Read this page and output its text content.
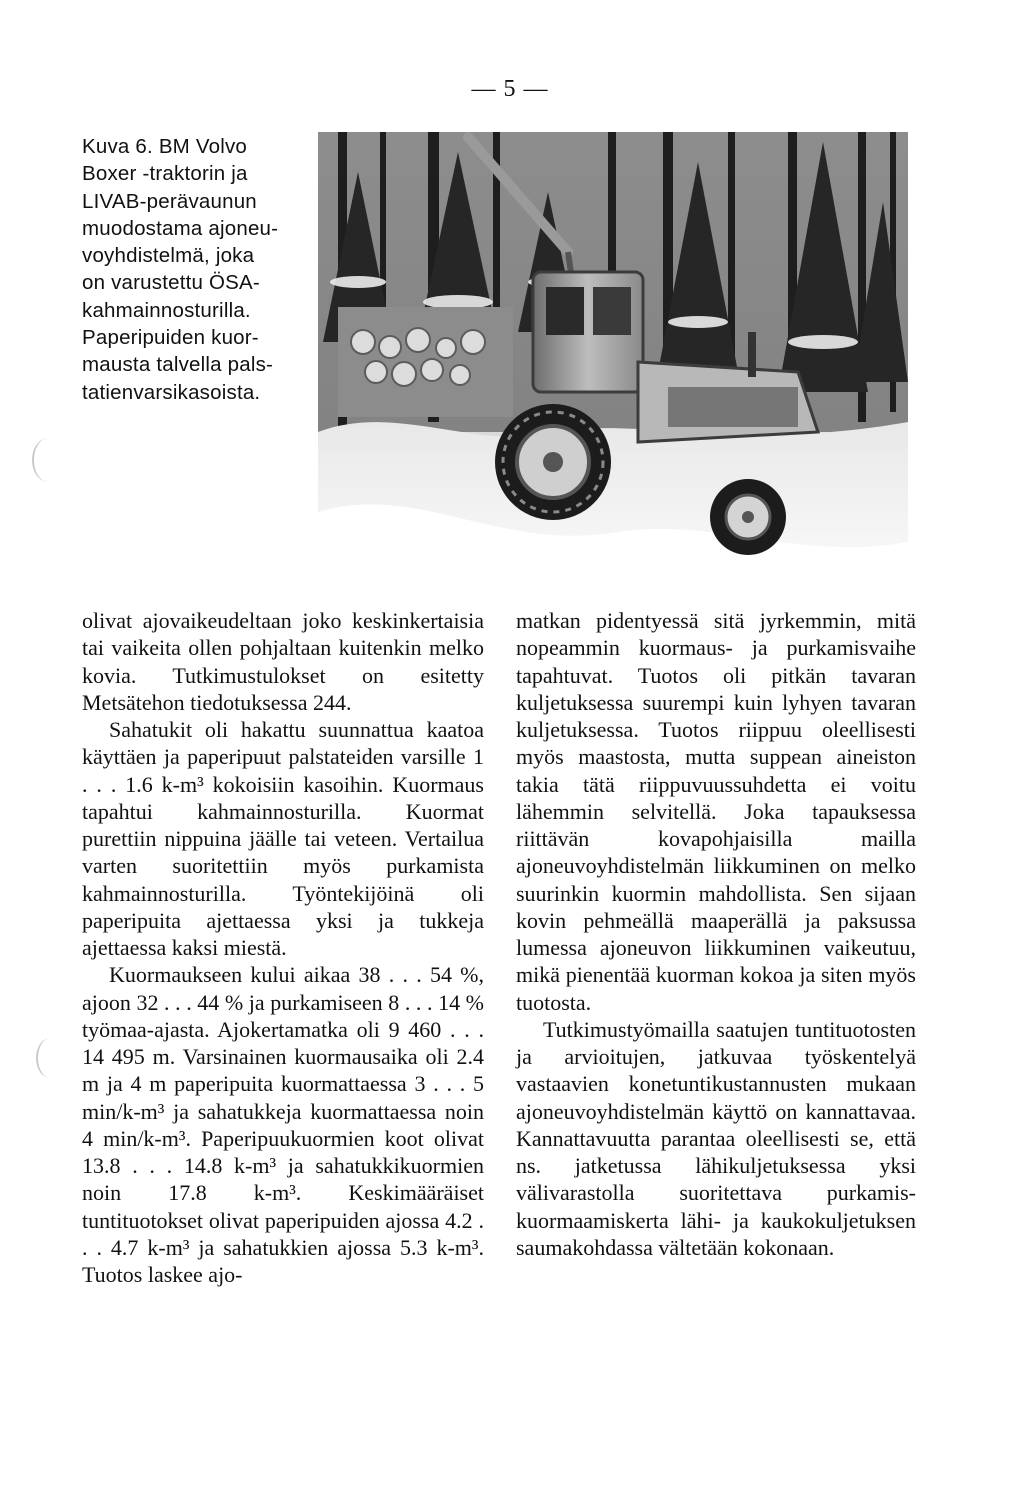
— 5 —
Kuva 6. BM Volvo
Boxer -traktorin ja
LIVAB-perävaunun
muodostama ajoneu-
voyhdistelmä, joka
on varustettu ÖSA-
kahmainnosturilla.
Paperipuiden kuor-
mausta talvella pals-
tatienvarsikasoista.

olivat ajovaikeudeltaan joko keskinkertaisia tai vaikeita ollen pohjaltaan kuitenkin melko kovia. Tutkimustulokset on esitetty Metsätehon tiedotuksessa 244.

Sahatukit oli hakattu suunnattua kaatoa käyttäen ja paperipuut palstateiden varsille 1 . . . 1.6 k-m³ kokoisiin kasoihin. Kuormaus tapahtui kahmainnosturilla. Kuormat purettiin nippuina jäälle tai veteen. Vertailua varten suoritettiin myös purkamista kahmainnosturilla. Työntekijöinä oli paperipuita ajettaessa yksi ja tukkeja ajettaessa kaksi miestä.

Kuormaukseen kului aikaa 38 . . . 54 %, ajoon 32 . . . 44 % ja purkamiseen 8 . . . 14 % työmaa-ajasta. Ajokertamatka oli 9 460 . . . 14 495 m. Varsinainen kuormausaika oli 2.4 m ja 4 m paperipuita kuormattaessa 3 . . . 5 min/k-m³ ja sahatukkeja kuormattaessa noin 4 min/k-m³. Paperipuukuormien koot olivat 13.8 . . . 14.8 k-m³ ja sahatukkikuormien noin 17.8 k-m³. Keskimääräiset tuntituotokset olivat paperipuiden ajossa 4.2 . . . 4.7 k-m³ ja sahatukkien ajossa 5.3 k-m³. Tuotos laskee ajo-

matkan pidentyessä sitä jyrkemmin, mitä nopeammin kuormaus- ja purkamisvaihe tapahtuvat. Tuotos oli pitkän tavaran kuljetuksessa suurempi kuin lyhyen tavaran kuljetuksessa. Tuotos riippuu oleellisesti myös maastosta, mutta suppean aineiston takia tätä riippuvuussuhdetta ei voitu lähemmin selvitellä. Joka tapauksessa riittävän kovapohjaisilla mailla ajoneuvoyhdistelmän liikkuminen on melko suurinkin kuormin mahdollista. Sen sijaan kovin pehmeällä maaperällä ja paksussa lumessa ajoneuvon liikkuminen vaikeutuu, mikä pienentää kuorman kokoa ja siten myös tuotosta.

Tutkimustyömailla saatujen tuntituotosten ja arvioitujen, jatkuvaa työskentelyä vastaavien konetuntikustannusten mukaan ajoneuvoyhdistelmän käyttö on kannattavaa. Kannattavuutta parantaa oleellisesti se, että ns. jatketussa lähikuljetuksessa yksi välivarastolla suoritettava purkamis-kuormaamiskerta lähi- ja kaukokuljetuksen saumakohdassa vältetään kokonaan.
